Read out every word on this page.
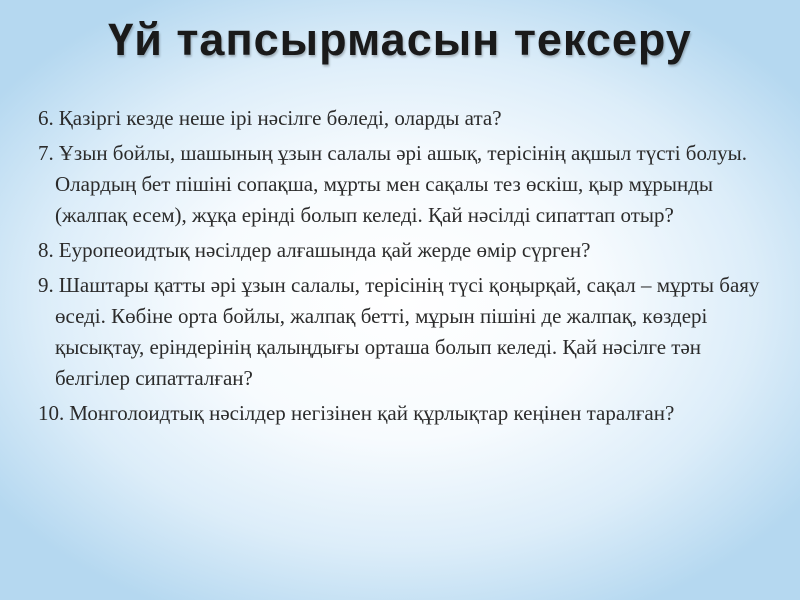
Үй тапсырмасын тексеру
6. Қазіргі кезде неше ірі нәсілге бөледі, оларды ата?
7. Ұзын бойлы, шашының ұзын салалы әрі ашық, терісінің ақшыл түсті болуы. Олардың бет пішіні сопақша, мұрты мен сақалы тез өскіш, қыр мұрынды (жалпақ есем), жұқа ерінді болып келеді. Қай нәсілді сипаттап отыр?
8. Еуропеоидтық нәсілдер алғашында қай жерде өмір сүрген?
9. Шаштары қатты әрі ұзын салалы, терісінің түсі қоңырқай, сақал – мұрты баяу өседі. Көбіне орта бойлы, жалпақ бетті, мұрын пішіні де жалпақ, көздері қысықтау, еріндерінің қалыңдығы орташа болып келеді. Қай нәсілге тән белгілер сипатталған?
10. Монголоидтық нәсілдер негізінен қай құрлықтар кеңінен таралған?
